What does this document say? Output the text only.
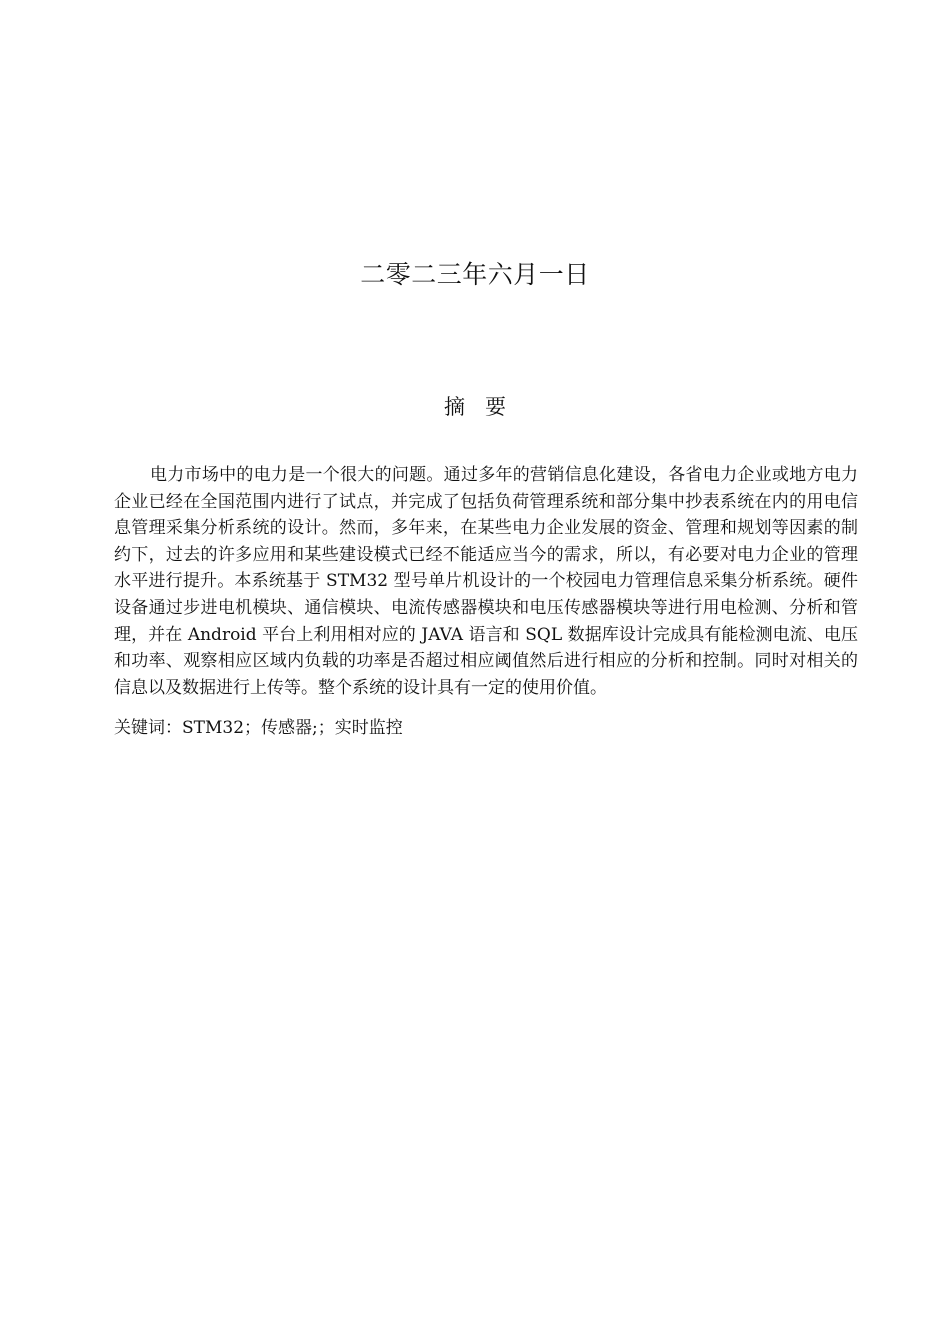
二零二三年六月一日
摘要

电力市场中的电力是一个很大的问题。通过多年的营销信息化建设，各省电力企业或地方电力企业已经在全国范围内进行了试点，并完成了包括负荷管理系统和部分集中抄表系统在内的用电信息管理采集分析系统的设计。然而，多年来，在某些电力企业发展的资金、管理和规划等因素的制约下，过去的许多应用和某些建设模式已经不能适应当今的需求，所以，有必要对电力企业的管理水平进行提升。本系统基于 STM32 型号单片机设计的一个校园电力管理信息采集分析系统。硬件设备通过步进电机模块、通信模块、电流传感器模块和电压传感器模块等进行用电检测、分析和管理，并在 Android 平台上利用相对应的 JAVA 语言和 SQL 数据库设计完成具有能检测电流、电压和功率、观察相应区域内负载的功率是否超过相应阈值然后进行相应的分析和控制。同时对相关的信息以及数据进行上传等。整个系统的设计具有一定的使用价值。

关键词：STM32；传感器;；实时监控
